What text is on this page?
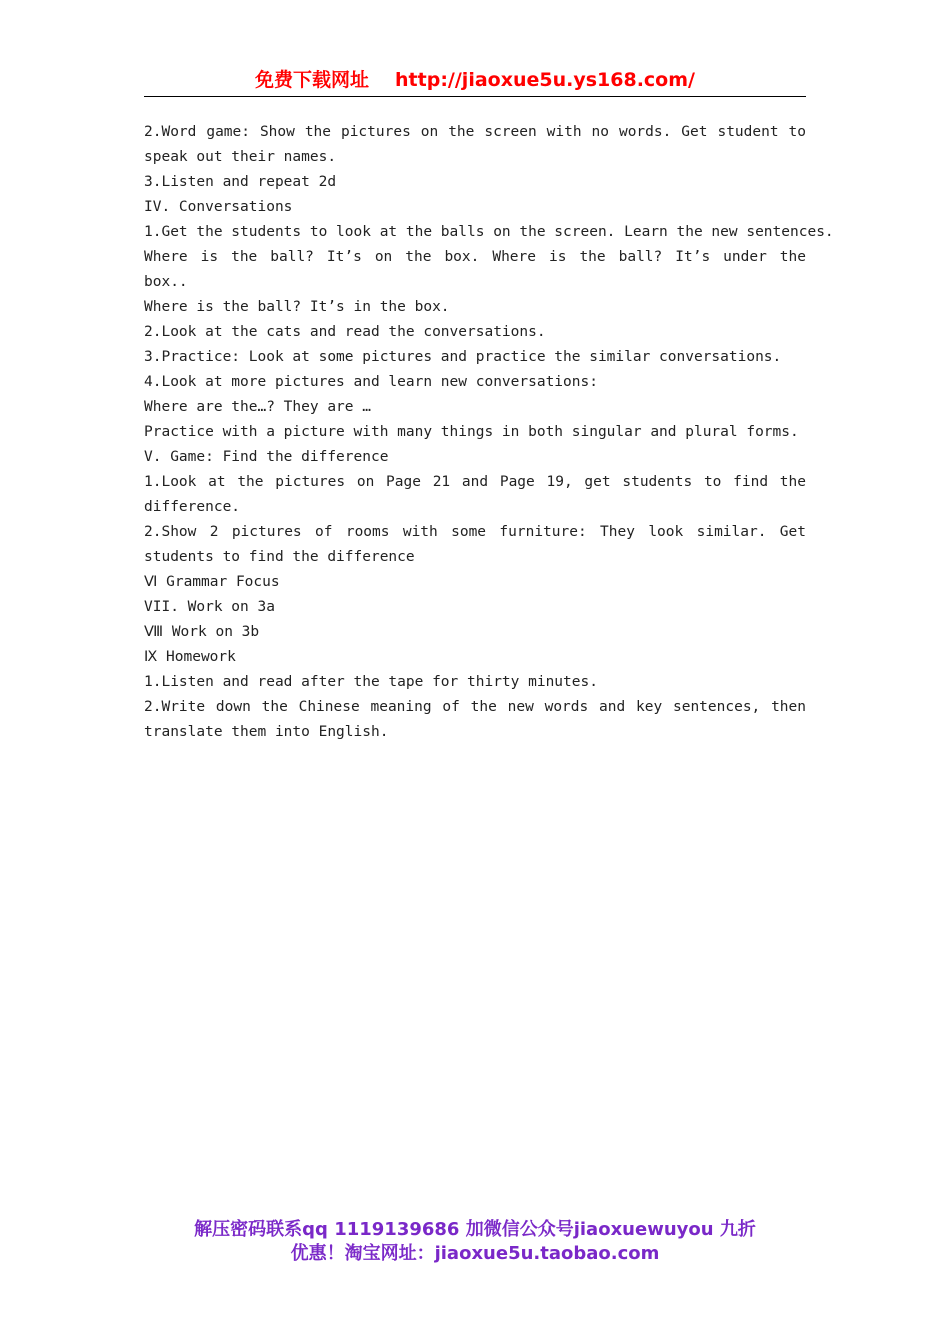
免费下载网址 http://jiaoxue5u.ys168.com/
2.Word game: Show the pictures on the screen with no words. Get student to
speak out their names.
3.Listen and repeat 2d
IV. Conversations
1.Get the students to look at the balls on the screen. Learn the new sentences.
Where is the ball? It’s on the box. Where is the ball? It’s under the
box..
Where is the ball? It’s in the box.
2.Look at the cats and read the conversations.
3.Practice: Look at some pictures and practice the similar conversations.
4.Look at more pictures and learn new conversations:
Where are the…? They are …
Practice with a picture with many things in both singular and plural forms.
V. Game: Find the difference
1.Look at the pictures on Page 21 and Page 19, get students to find the
difference.
2.Show 2 pictures of rooms with some furniture: They look similar. Get
students to find the difference
Ⅵ Grammar Focus
VII. Work on 3a
Ⅷ Work on 3b
Ⅸ Homework
1.Listen and read after the tape for thirty minutes.
2.Write down the Chinese meaning of the new words and key sentences, then
translate them into English.
解压密码联系qq 1119139686 加微信公众号jiaoxuewuyou 九折
优惠！淘宝网址：jiaoxue5u.taobao.com
